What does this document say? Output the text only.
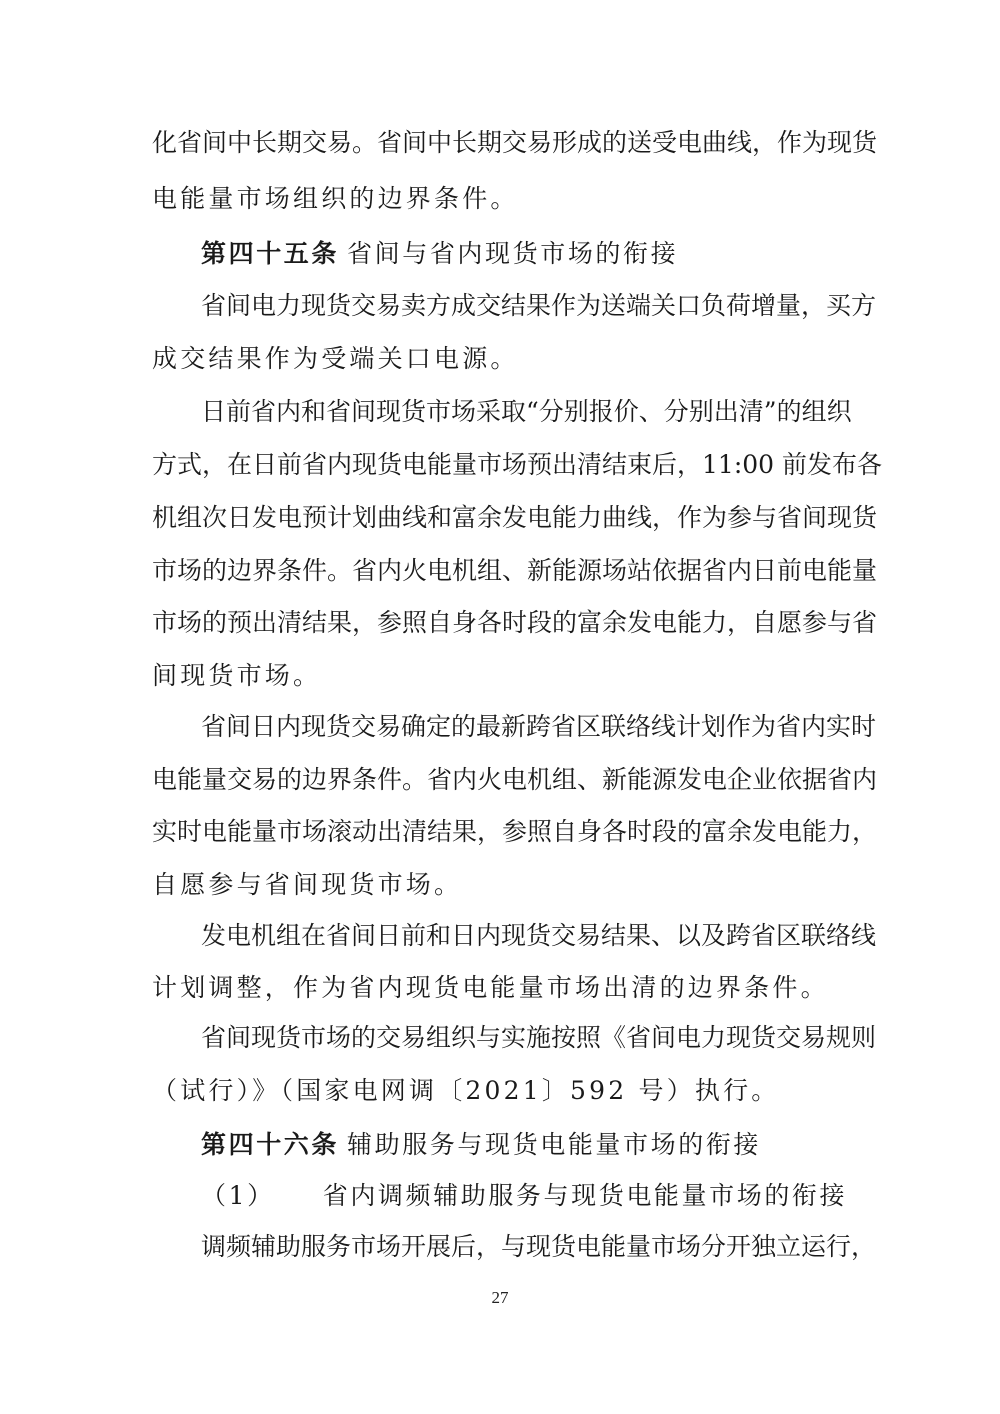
化省间中长期交易。省间中长期交易形成的送受电曲线，作为现货
电能量市场组织的边界条件。
第四十五条 省间与省内现货市场的衔接
省间电力现货交易卖方成交结果作为送端关口负荷增量，买方
成交结果作为受端关口电源。
日前省内和省间现货市场采取“分别报价、分别出清”的组织
方式，在日前省内现货电能量市场预出清结束后，11:00 前发布各
机组次日发电预计划曲线和富余发电能力曲线，作为参与省间现货
市场的边界条件。省内火电机组、新能源场站依据省内日前电能量
市场的预出清结果，参照自身各时段的富余发电能力，自愿参与省
间现货市场。
省间日内现货交易确定的最新跨省区联络线计划作为省内实时
电能量交易的边界条件。省内火电机组、新能源发电企业依据省内
实时电能量市场滚动出清结果，参照自身各时段的富余发电能力，
自愿参与省间现货市场。
发电机组在省间日前和日内现货交易结果、以及跨省区联络线
计划调整，作为省内现货电能量市场出清的边界条件。
省间现货市场的交易组织与实施按照《省间电力现货交易规则
（试行）》（国家电网调〔2021〕592 号）执行。
第四十六条 辅助服务与现货电能量市场的衔接
（1） 省内调频辅助服务与现货电能量市场的衔接
调频辅助服务市场开展后，与现货电能量市场分开独立运行，
27
